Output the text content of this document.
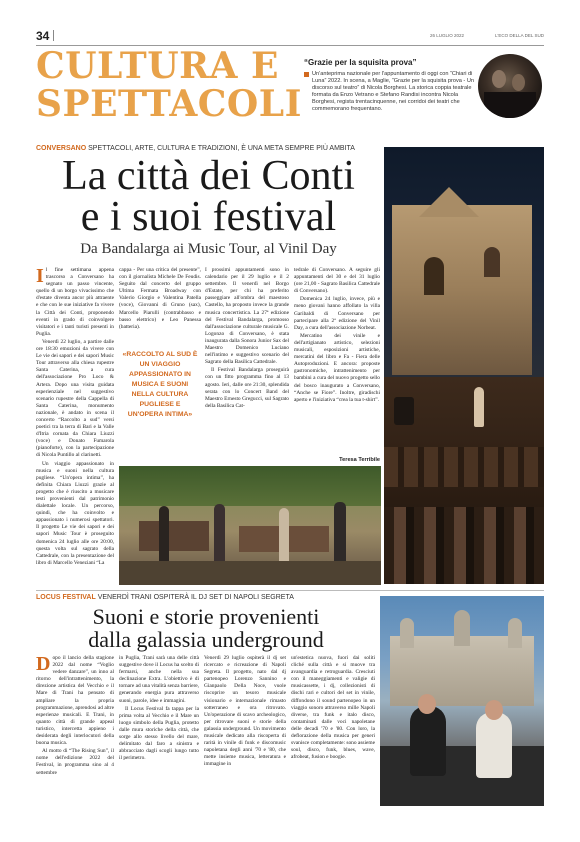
34	26 LUGLIO 2022	L'ECO DELLA DEL SUD
CULTURA E
SPETTACOLI
“Grazie per la squisita prova”
Un'anteprima nazionale per l'appuntamento di oggi con “Chiari di Luna” 2022. In scena, a Maglie, “Grazie per la squisita prova - Un discorso sul teatro” di Nicola Borghesi. La storica coppia teatrale formata da Enzo Vetrano e Stefano Randisi incontra Nicola Borghesi, regista trentacinquenne, nei corridoi dei teatri che commemorano frequentano.
CONVERSANO SPETTACOLI, ARTE, CULTURA E TRADIZIONI, È UNA META SEMPRE PIÙ AMBITA
La città dei Conti
e i suoi festival
Da Bandalarga ai Music Tour, al Vinil Day

Il fine settimana appena trascorso a Conversano ha segnato un passo vincente, quello di un borgo vivacissimo che d'estate diventa ancor più attraente e che con le sue iniziative fa vivere la Città dei Conti, proponendo eventi in grado di coinvolgere visitatori e i tanti turisti presenti in Puglia.

Venerdì 22 luglio, a partire dalle ore 18:30 emozioni da vivere con Le vie dei sapori e dei sapori Music Tour attraverso alla chiesa rupestre Santa Caterina, a cura dell'associazione Pro Loco & Artera. Dopo una visita guidata esperienziale nel suggestivo scenario rupestre della Cappella di Santa Caterina, monumento nazionale, è andato in scena il concerto “Raccolto a sud” versi poetici tra la terra di Bari e la Valle d'Itria cornata da Chiara Liuzzi (voce) e Donato Fumarola (pianoforte), con la partecipazione di Nicola Puntillo al clarinetti.

Un viaggio appassionato in musica e suoni nella cultura pugliese. “Un'opera intima”, ha definita Chiara Liuzzi grazie al progetto che è riuscito a musicare testi provenienti dal patrimonio dialettale locale. Un percorso, quindi, che ha coinvolto e appassionato i numerosi spettatori. Il progetto Le vie dei sapori e dei sapori Music Tour è proseguito domenica 24 luglio alle ore 20:00, questa volta sul sagrato della Cattedrale, con la presentazione del libro di Marcello Veneziani “La

cappa - Per una critica del presente”, con il giornalista Michele De Feudis. Seguito dal concerto del gruppo Ultima Fermata Broadway con Valerio Giorgio e Valentina Patella (voce), Giovanni di Gruno (sax), Marcello Piarulli (contrabbasso e basso elettrico) e Leo Panessa (batteria).

«RACCOLTO AL SUD È UN VIAGGIO APPASSIONATO IN MUSICA E SUONI NELLA CULTURA PUGLIESE E UN'OPERA INTIMA»

I prossimi appuntamenti sono in calendario per il 29 luglio e il 2 settembre. Il venerdì nel Borgo d'Estate, per chi ha preferito passeggiare all'ombra del maestoso Castello, ha proposto invece la grande musica concertistica. La 27ª edizione del Festival Bandalarga, promosso dall'associazione culturale musicale G. Logonzo di Conversano, è stata inaugurata dalla Sonora Junior Sax del Maestro Domenico Luciano nell'intimo e suggestivo scenario del Sagrato della Basilica Cattedrale.

Il Festival Bandalarga proseguirà con un fitto programma fino al 13 agosto. Ieri, dalle ore 21:30, splendida serata con lo Concert Band del Maestro Ernesto Gregucci, sul Sagrato della Basilica Cat-

tedrale di Conversano. A seguire gli appuntamenti del 30 e del 31 luglio (ore 21,00 - Sagrato Basilica Cattedrale di Conversano).

Domenica 24 luglio, invece, più e meno giovani hanno affollato la villa Garibaldi di Conversano per partecipare alla 2ª edizione del Vinil Day, a cura dell'associazione Norbeat.

Mercatino dei vinile e dell'artigianato artistico, selezioni musicali, esposizioni artistiche, mercatini del libro e Fa - Fiera delle Autoproduzioni. E ancora: proposte gastronomiche, intrattenimento per bambini a cura del nuovo progetto sello del bosco inaugurato a Conversano, “Anche se Fiore”. Inoltre, giradischi aperto e l'iniziativa “crea la tua t-shirt”.

Teresa Terribile
LOCUS FESTIVAL VENERDÌ TRANI OSPITERÀ IL DJ SET DI NAPOLI SEGRETA
Suoni e storie provenienti
dalla galassia underground

Dopo il lancio della stagione 2022 dal nome “Voglio vedere danzare”, un inno al ritorno dell'intrattenimento, la direzione artistica del Vecchio e il Mare di Trani ha pensato di ampliare la propria programmazione, aprendosi ad altre esperienze musicali. E Trani, in quanto città di grande appeal turistico, intercetta appieno i desiderata degli interlocutori della buona musica.

Al motto di “The Rising Sun”, il nome dell'edizione 2022 del Festival, in programma sino al 4 settembre

in Puglia, Trani sarà una delle città suggestive dove il Locus ha scelto di fermarsi, anche nella sua declinazione Extra. L'obiettivo è di tornare ad una vitalità senza barriere, generando energia pura attraverso suoni, parole, idee e immagini.

Il Locus Festival fa tappa per la prima volta al Vecchio e il Mare un luogo simbolo della Puglia, protetto dalle mura storiche della città, che sorge allo stesso livello del mare, delimitato dal faro a sinistra e abbracciato dagli scogli lungo tutto il perimetro.

Venerdì 29 luglio ospiterà il dj set ricercato e ricreazione di Napoli Segreta. Il progetto, nato dal dj partenopeo Lorenzo Sannino e Gianpaolo Della Noce, vuole riscoprire un tesoro musicale visionario e internazionale rimasto sotterraneo e ora ritrovato. Un'operazione di scavo archeologico, per ritrovare suoni e storie della galassia underground. Un movimento musicale dedicato alla riscoperta di rarità in vinile di funk e discomusic napoletana degli anni '70 e '80, che mette insieme musica, letteratura e immagine in

un'estetica nuova, fuori dai soliti cliché sulla città e si muove tra avanguardia e retroguardia. Cresciuti con il maneggiamenti e valigie di musicassette, i dj, collezionisti di dischi rari e cultori del set in vinile, diffondono il sound partenopeo in un viaggio sonoro attraverso mille Napoli diverse, tra funk e italo disco, contaminati dalle voci napoletane delle decadi '70 e '80. Con loro, la deflorazione della musica per generi svanisce completamente: sono assieme soul, disco, funk, blues, wave, afrobeat, fusion e boogie.
